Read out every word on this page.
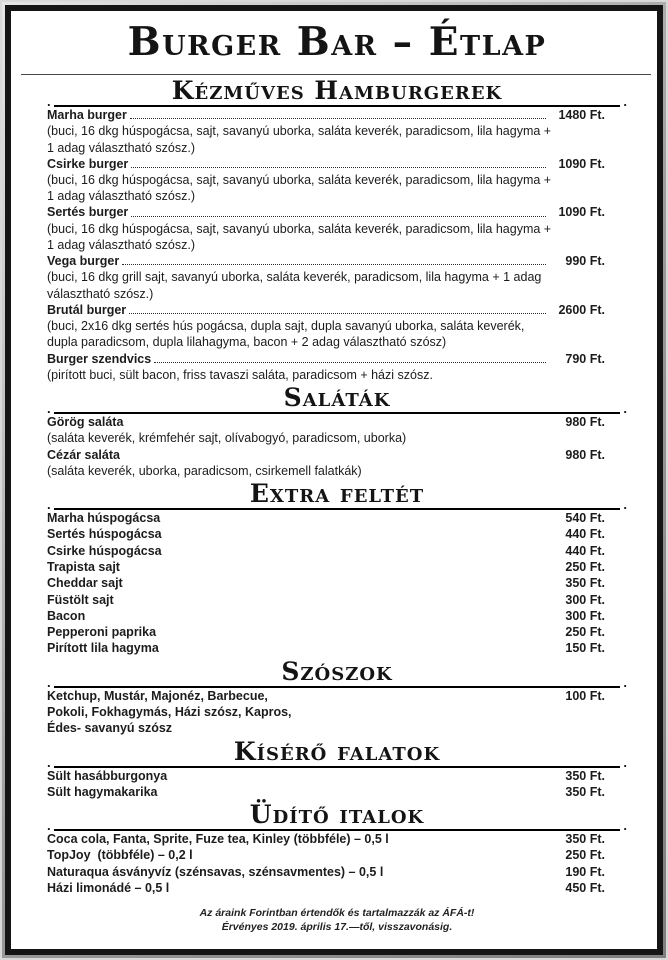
Burger Bar – Étlap
.
Kézműves Hamburgerek
.
Marha burger	1480 Ft.
(buci, 16 dkg húspogácsa, sajt, savanyú uborka, saláta keverék, paradicsom, lila hagyma + 1 adag választható szósz.)
Csirke burger	1090 Ft.
(buci, 16 dkg húspogácsa, sajt, savanyú uborka, saláta keverék, paradicsom, lila hagyma + 1 adag választható szósz.)
Sertés burger	1090 Ft.
(buci, 16 dkg húspogácsa, sajt, savanyú uborka, saláta keverék, paradicsom, lila hagyma + 1 adag választható szósz.)
Vega burger	990 Ft.
(buci, 16 dkg grill sajt, savanyú uborka, saláta keverék, paradicsom, lila hagyma + 1 adag választható szósz.)
Brutál burger	2600 Ft.
(buci, 2x16 dkg sertés hús pogácsa, dupla sajt, dupla savanyú uborka, saláta keverék, dupla paradicsom, dupla lilahagyma, bacon + 2 adag választható szósz)
Burger szendvics	790 Ft.
(pirított buci, sült bacon, friss tavaszi saláta, paradicsom + házi szósz.
.
Saláták
.
Görög saláta	980 Ft.
(saláta keverék, krémfehér sajt, olívabogyó, paradicsom, uborka)
Cézár saláta	980 Ft.
(saláta keverék, uborka, paradicsom, csirkemell falatkák)
.
Extra feltét
.
Marha húspogácsa	540 Ft.
Sertés húspogácsa	440 Ft.
Csirke húspogácsa	440 Ft.
Trapista sajt	250 Ft.
Cheddar sajt	350 Ft.
Füstölt sajt	300 Ft.
Bacon	300 Ft.
Pepperoni paprika	250 Ft.
Pirított lila hagyma	150 Ft.
.
Szószok
.
Ketchup, Mustár, Majonéz, Barbecue, Pokoli, Fokhagymás, Házi szósz, Kapros, Édes- savanyú szósz
100 Ft.
.
Kísérő falatok
.
Sült hasábburgonya	350 Ft.
Sült hagymakarika	350 Ft.
.
Üdítő italok
.
Coca cola, Fanta, Sprite, Fuze tea, Kinley (többféle) – 0,5 l	350 Ft.
TopJoy  (többféle) – 0,2 l	250 Ft.
Naturaqua ásványvíz (szénsavas, szénsavmentes) – 0,5 l	190 Ft.
Házi limonádé – 0,5 l	450 Ft.
Az áraink Forintban értendők és tartalmazzák az ÁFÁ-t!
Érvényes 2019. április 17.—től, visszavonásig.
